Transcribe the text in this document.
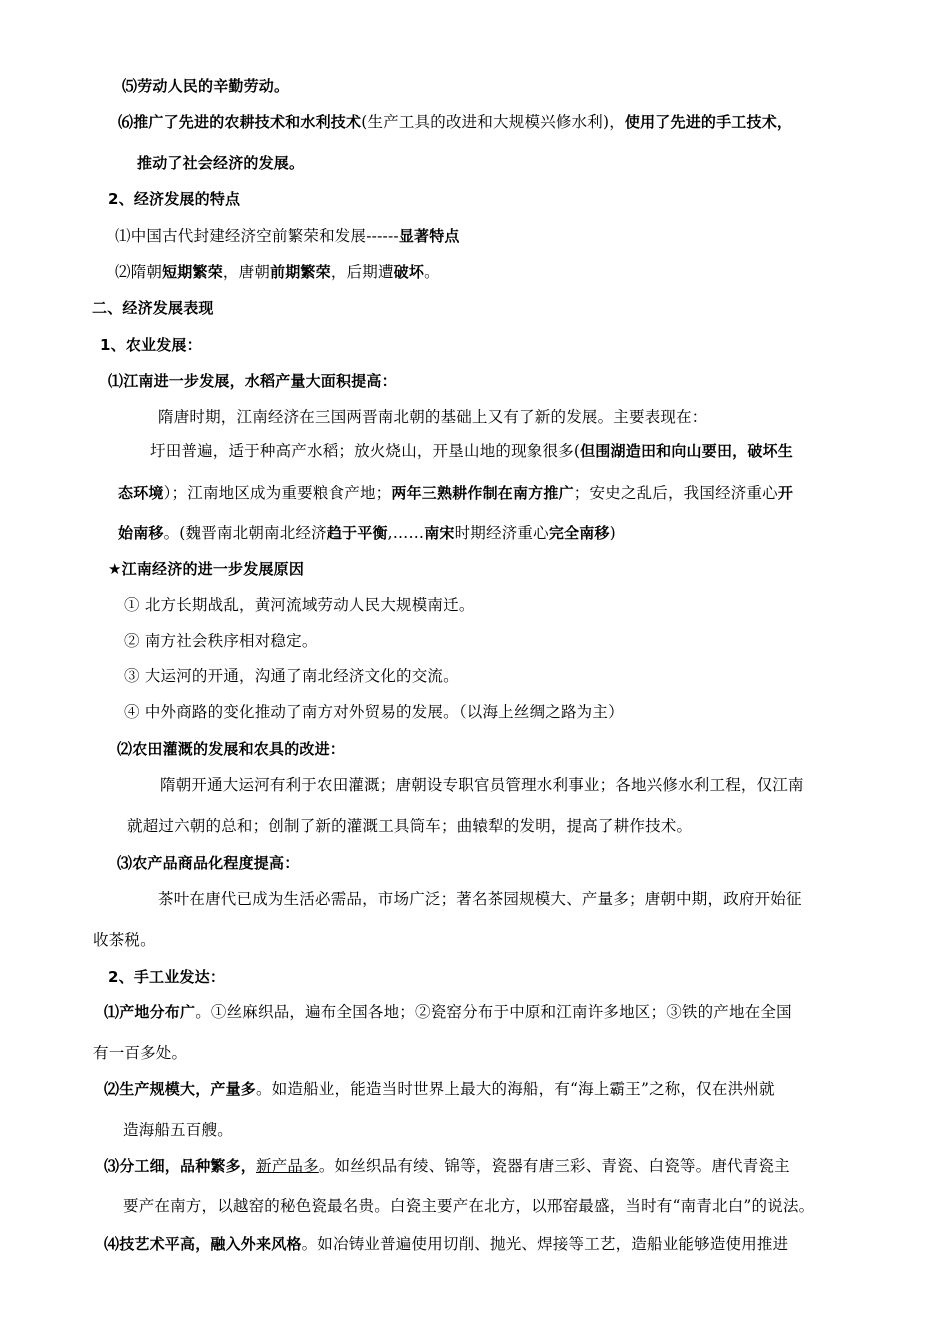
⑸劳动人民的辛勤劳动。
⑹推广了先进的农耕技术和水利技术(生产工具的改进和大规模兴修水利)，使用了先进的手工技术，
推动了社会经济的发展。
2、经济发展的特点
⑴中国古代封建经济空前繁荣和发展------显著特点
⑵隋朝短期繁荣，唐朝前期繁荣，后期遭破坏。
二、经济发展表现
1、农业发展：
⑴江南进一步发展，水稻产量大面积提高：
隋唐时期，江南经济在三国两晋南北朝的基础上又有了新的发展。主要表现在：
圩田普遍，适于种高产水稻；放火烧山，开垦山地的现象很多(但围湖造田和向山要田，破坏生
态环境）；江南地区成为重要粮食产地；两年三熟耕作制在南方推广；安史之乱后，我国经济重心开
始南移。(魏晋南北朝南北经济趋于平衡,……南宋时期经济重心完全南移)
★江南经济的进一步发展原因
① 北方长期战乱，黄河流域劳动人民大规模南迁。
② 南方社会秩序相对稳定。
③ 大运河的开通，沟通了南北经济文化的交流。
④ 中外商路的变化推动了南方对外贸易的发展。（以海上丝绸之路为主）
⑵农田灌溉的发展和农具的改进：
隋朝开通大运河有利于农田灌溉；唐朝设专职官员管理水利事业；各地兴修水利工程，仅江南
就超过六朝的总和；创制了新的灌溉工具筒车；曲辕犁的发明，提高了耕作技术。
⑶农产品商品化程度提高：
茶叶在唐代已成为生活必需品，市场广泛；著名茶园规模大、产量多；唐朝中期，政府开始征
收茶税。
2、手工业发达：
⑴产地分布广。①丝麻织品，遍布全国各地；②瓷窑分布于中原和江南许多地区；③铁的产地在全国
有一百多处。
⑵生产规模大，产量多。如造船业，能造当时世界上最大的海船，有“海上霸王”之称，仅在洪州就
造海船五百艘。
⑶分工细，品种繁多，新产品多。如丝织品有绫、锦等，瓷器有唐三彩、青瓷、白瓷等。唐代青瓷主
要产在南方，以越窑的秘色瓷最名贵。白瓷主要产在北方，以邢窑最盛，当时有“南青北白”的说法。
⑷技艺术平高，融入外来风格。如冶铸业普遍使用切削、抛光、焊接等工艺，造船业能够造使用推进
